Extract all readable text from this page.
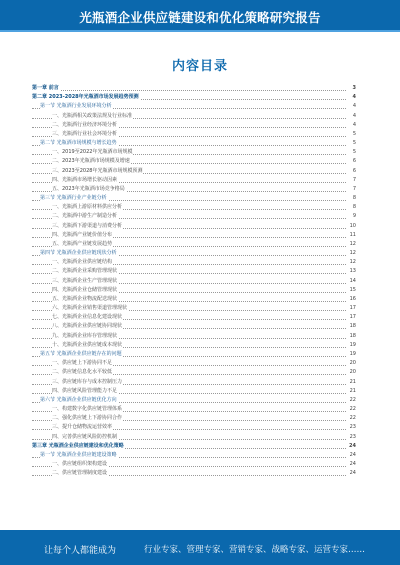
光瓶酒企业供应链建设和优化策略研究报告
内容目录
第一章 前言	3
第二章 2023-2028年光瓶酒市场发展趋势预测	4
第一节 光瓶酒行业发展环境分析	4
一、光瓶酒相关政策法规及行业标准	4
二、光瓶酒行业经济环境分析	4
三、光瓶酒行业社会环境分析	5
第二节 光瓶酒市场规模与增长趋势	5
一、2019至2022年光瓶酒市场规模	5
二、2023年光瓶酒市场规模及增速	6
三、2023至2028年光瓶酒市场规模预测	6
四、光瓶酒市场增长驱动因素	7
五、2023年光瓶酒市场竞争格局	7
第三节 光瓶酒行业产业链分析	8
一、光瓶酒上游原材料供应分析	8
二、光瓶酒中游生产制造分析	9
三、光瓶酒下游渠道与消费分析	10
四、光瓶酒产业链价值分布	11
五、光瓶酒产业链发展趋势	12
第四节 光瓶酒企业供应链现状分析	12
一、光瓶酒企业供应链结构	12
二、光瓶酒企业采购管理现状	13
三、光瓶酒企业生产管理现状	14
四、光瓶酒企业仓储管理现状	15
五、光瓶酒企业物流配送现状	16
六、光瓶酒企业销售渠道管理现状	17
七、光瓶酒企业信息化建设现状	17
八、光瓶酒企业供应链协同现状	18
九、光瓶酒企业库存管理现状	18
十、光瓶酒企业供应链成本现状	19
第五节 光瓶酒企业供应链存在的问题	19
一、供应链上下游协同不足	20
二、供应链信息化水平较低	20
三、供应链库存与成本控制压力	21
四、供应链风险管理能力不足	21
第六节 光瓶酒企业供应链优化方向	22
一、构建数字化供应链管理体系	22
二、强化供应链上下游协同合作	22
三、提升仓储物流运营效率	23
四、完善供应链风险防控机制	23
第三章 光瓶酒企业供应链建设和优化策略	24
第一节 光瓶酒企业供应链建设策略	24
一、供应链组织架构建设	24
二、供应链管理制度建设	24
让每个人都能成为	行业专家、管理专家、营销专家、战略专家、运营专家……
